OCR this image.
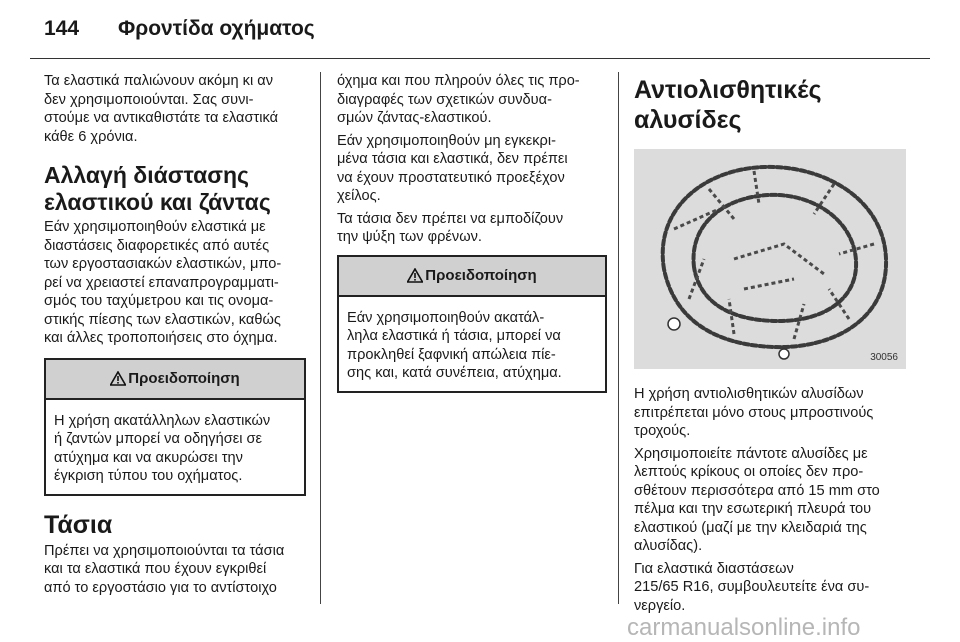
144 Φροντίδα οχήματος

Τα ελαστικά παλιώνουν ακόμη κι αν
δεν χρησιμοποιούνται. Σας συνι-
στούμε να αντικαθιστάτε τα ελαστικά
κάθε 6 χρόνια.

Αλλαγή διάστασης
ελαστικού και ζάντας

Εάν χρησιμοποιηθούν ελαστικά με
διαστάσεις διαφορετικές από αυτές
των εργοστασιακών ελαστικών, μπο-
ρεί να χρειαστεί επαναπρογραμματι-
σμός του ταχύμετρου και τις ονομα-
στικής πίεσης των ελαστικών, καθώς
και άλλες τροποποιήσεις στο όχημα.

Προειδοποίηση

Η χρήση ακατάλληλων ελαστικών
ή ζαντών μπορεί να οδηγήσει σε
ατύχημα και να ακυρώσει την
έγκριση τύπου του οχήματος.

Τάσια

Πρέπει να χρησιμοποιούνται τα τάσια
και τα ελαστικά που έχουν εγκριθεί
από το εργοστάσιο για το αντίστοιχο

όχημα και που πληρούν όλες τις προ-
διαγραφές των σχετικών συνδυα-
σμών ζάντας-ελαστικού.

Εάν χρησιμοποιηθούν μη εγκεκρι-
μένα τάσια και ελαστικά, δεν πρέπει
να έχουν προστατευτικό προεξέχον
χείλος.

Τα τάσια δεν πρέπει να εμποδίζουν
την ψύξη των φρένων.

Προειδοποίηση

Εάν χρησιμοποιηθούν ακατάλ-
ληλα ελαστικά ή τάσια, μπορεί να
προκληθεί ξαφνική απώλεια πίε-
σης και, κατά συνέπεια, ατύχημα.

Αντιολισθητικές αλυσίδες
30056

Η χρήση αντιολισθητικών αλυσίδων
επιτρέπεται μόνο στους μπροστινούς
τροχούς.

Χρησιμοποιείτε πάντοτε αλυσίδες με
λεπτούς κρίκους οι οποίες δεν προ-
σθέτουν περισσότερα από 15 mm στο
πέλμα και την εσωτερική πλευρά του
ελαστικού (μαζί με την κλειδαριά της
αλυσίδας).

Για ελαστικά διαστάσεων
215/65 R16, συμβουλευτείτε ένα συ-
νεργείο.

carmanualsonline.info
